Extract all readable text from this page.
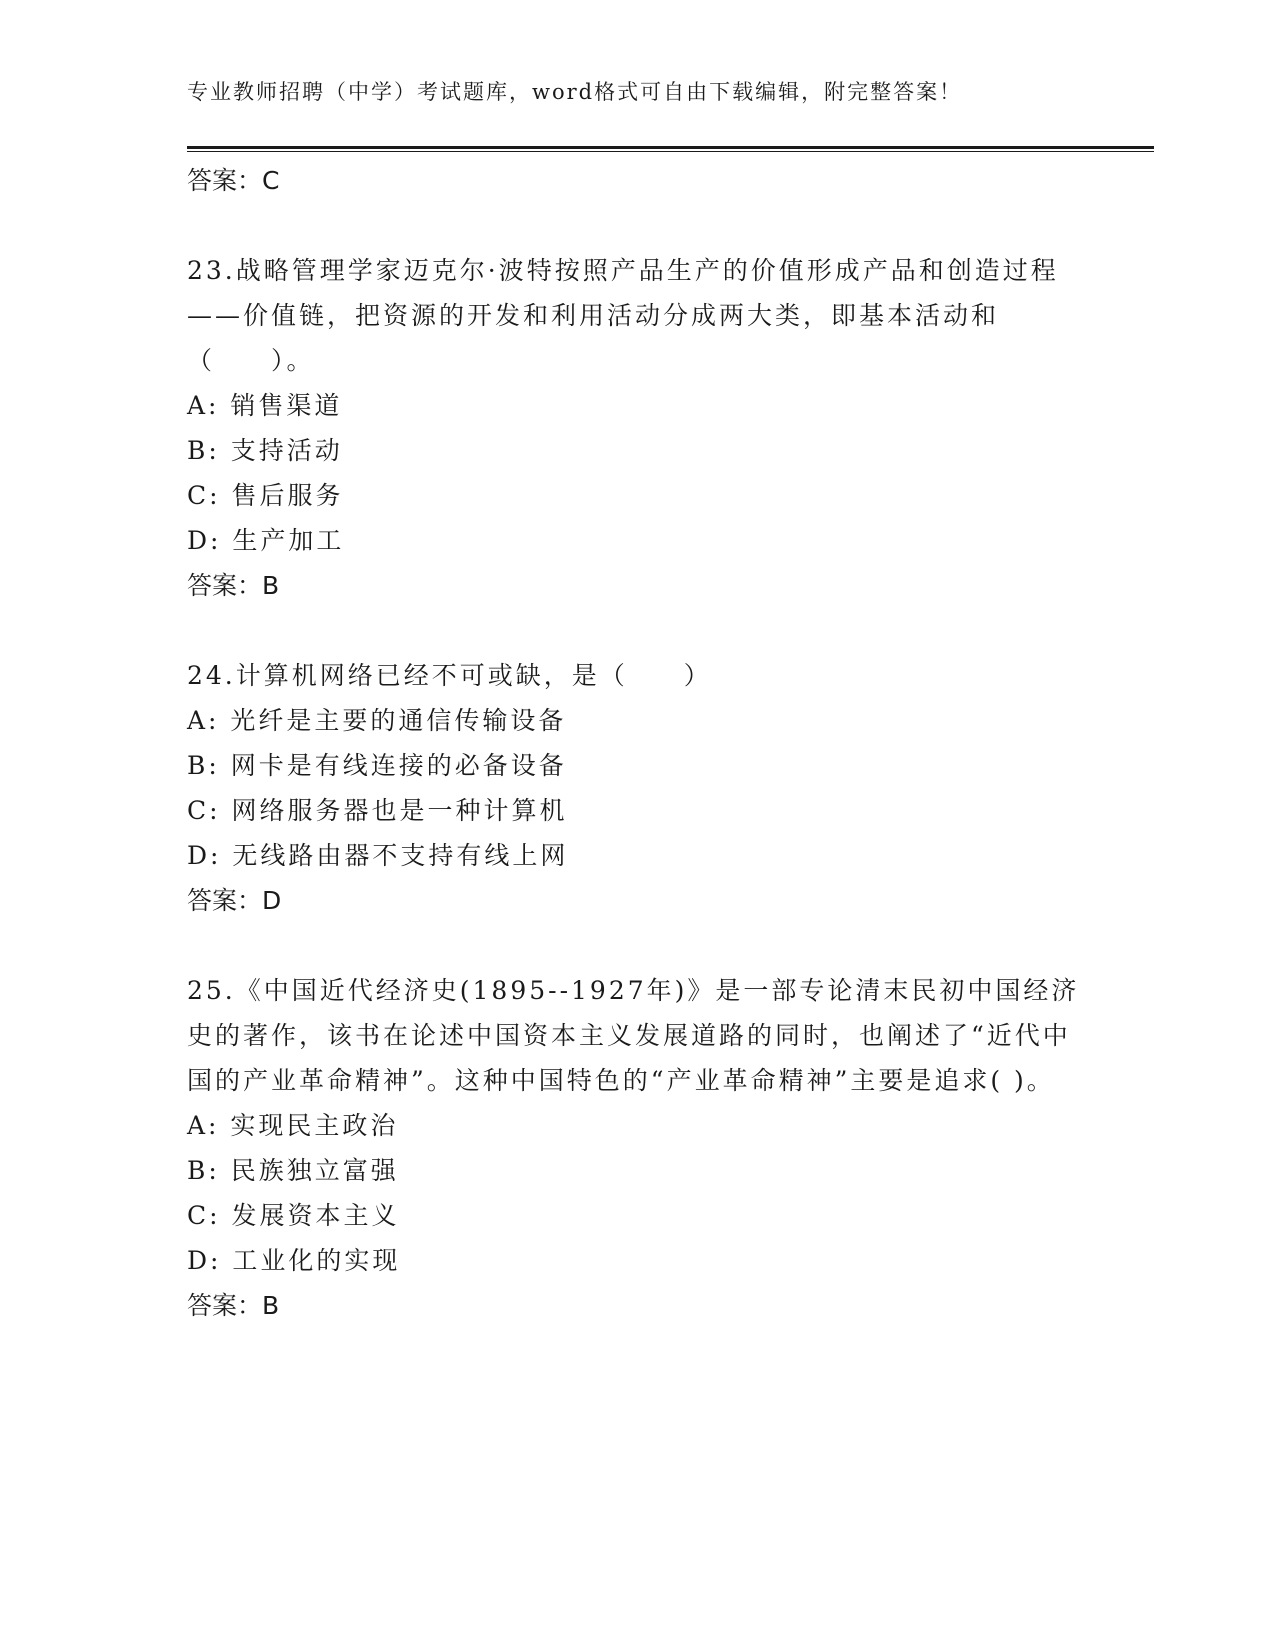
专业教师招聘（中学）考试题库，word格式可自由下载编辑，附完整答案！
答案：C
23.战略管理学家迈克尔·波特按照产品生产的价值形成产品和创造过程——价值链，把资源的开发和利用活动分成两大类，即基本活动和（　　）。
A: 销售渠道
B: 支持活动
C: 售后服务
D: 生产加工
答案：B
24.计算机网络已经不可或缺，是（　　）
A: 光纤是主要的通信传输设备
B: 网卡是有线连接的必备设备
C: 网络服务器也是一种计算机
D: 无线路由器不支持有线上网
答案：D
25.《中国近代经济史(1895--1927年)》是一部专论清末民初中国经济史的著作，该书在论述中国资本主义发展道路的同时，也阐述了“近代中国的产业革命精神”。这种中国特色的“产业革命精神”主要是追求( )。
A: 实现民主政治
B: 民族独立富强
C: 发展资本主义
D: 工业化的实现
答案：B
